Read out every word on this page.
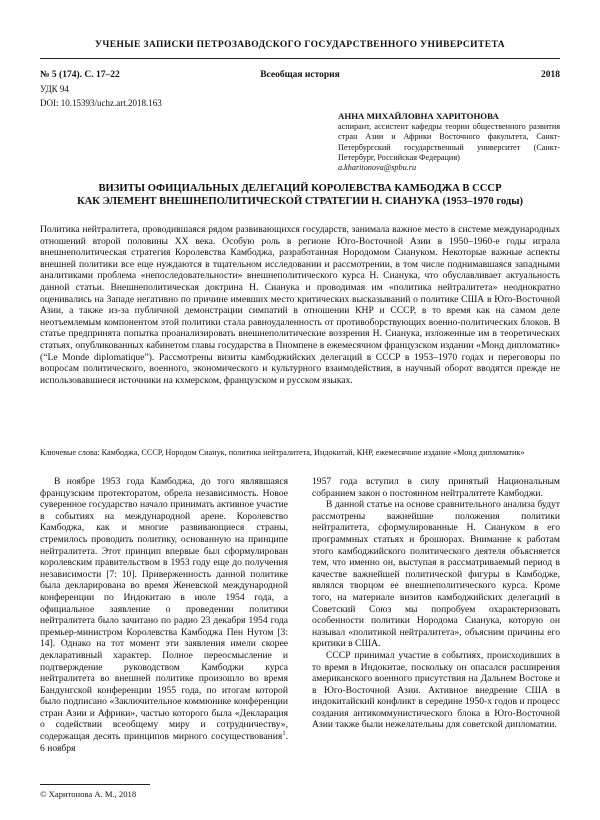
УЧЕНЫЕ ЗАПИСКИ ПЕТРОЗАВОДСКОГО ГОСУДАРСТВЕННОГО УНИВЕРСИТЕТА
№ 5 (174). С. 17–22	Всеобщая история	2018
УДК 94
DOI: 10.15393/uchz.art.2018.163
АННА МИХАЙЛОВНА ХАРИТОНОВА
аспирант, ассистент кафедры теории общественного развития стран Азии и Африки Восточного факультета, Санкт-Петербургский государственный университет (Санкт-Петербург, Российская Федерация)
a.kharitonova@spbu.ru
ВИЗИТЫ ОФИЦИАЛЬНЫХ ДЕЛЕГАЦИЙ КОРОЛЕВСТВА КАМБОДЖА В СССР
КАК ЭЛЕМЕНТ ВНЕШНЕПОЛИТИЧЕСКОЙ СТРАТЕГИИ Н. СИАНУКА (1953–1970 годы)
Политика нейтралитета, проводившаяся рядом развивающихся государств, занимала важное место в системе международных отношений второй половины XX века. Особую роль в регионе Юго-Восточной Азии в 1950–1960-е годы играла внешнеполитическая стратегия Королевства Камбоджа, разработанная Нородомом Сиануком. Некоторые важные аспекты внешней политики все еще нуждаются в тщательном исследовании и рассмотрении, в том числе поднимавшаяся западными аналитиками проблема «непоследовательности» внешнеполитического курса Н. Сианука, что обуславливает актуальность данной статьи. Внешнеполитическая доктрина Н. Сианука и проводимая им «политика нейтралитета» неоднократно оценивались на Западе негативно по причине имевших место критических высказываний о политике США в Юго-Восточной Азии, а также из-за публичной демонстрации симпатий в отношении КНР и СССР, в то время как на самом деле неотъемлемым компонентом этой политики стала равноудаленность от противоборствующих военно-политических блоков. В статье предпринята попытка проанализировать внешнеполитические воззрения Н. Сианука, изложенные им в теоретических статьях, опубликованных кабинетом главы государства в Пномпене в ежемесячном французском издании «Монд дипломатик» (“Le Monde diplomatique”). Рассмотрены визиты камбоджийских делегаций в СССР в 1953–1970 годах и переговоры по вопросам политического, военного, экономического и культурного взаимодействия, в научный оборот вводятся прежде не использовавшиеся источники на кхмерском, французском и русском языках.
Ключевые слова: Камбоджа, СССР, Нородом Сианук, политика нейтралитета, Индокитай, КНР, ежемесячное издание «Монд дипломатик»

В ноябре 1953 года Камбоджа, до того являвшаяся французским протекторатом, обрела независимость. Новое суверенное государство начало принимать активное участие в событиях на международной арене. Королевство Камбоджа, как и многие развивающиеся страны, стремилось проводить политику, основанную на принципе нейтралитета. Этот принцип впервые был сформулирован королевским правительством в 1953 году еще до получения независимости [7: 10]. Приверженность данной политике была декларирована во время Женевской международной конференции по Индокитаю в июле 1954 года, а официальное заявление о проведении политики нейтралитета было зачитано по радио 23 декабря 1954 года премьер-министром Королевства Камбоджа Пен Нутом [3: 14]. Однако на тот момент эти заявления имели скорее декларативный характер. Полное переосмысление и подтверждение руководством Камбоджи курса нейтралитета во внешней политике произошло во время Бандунгской конференции 1955 года, по итогам которой было подписано «Заключительное коммюнике конференции стран Азии и Африки», частью которого была «Декларация о содействии всеобщему миру и сотрудничеству», содержащая десять принципов мирного сосуществования$^1$. 6 ноября

1957 года вступил в силу принятый Национальным собранием закон о постоянном нейтралитете Камбоджи.

В данной статье на основе сравнительного анализа будут рассмотрены важнейшие положения политики нейтралитета, сформулированные Н. Сиануком в его программных статьях и брошюрах. Внимание к работам этого камбоджийского политического деятеля объясняется тем, что именно он, выступая в рассматриваемый период в качестве важнейшей политической фигуры в Камбодже, являлся творцом ее внешнеполитического курса. Кроме того, на материале визитов камбоджийских делегаций в Советский Союз мы попробуем охарактеризовать особенности политики Нородома Сианука, которую он называл «политикой нейтралитета», объясним причины его критики в США.

СССР принимал участие в событиях, происходивших в то время в Индокитае, поскольку он опасался расширения американского военного присутствия на Дальнем Востоке и в Юго-Восточной Азии. Активное внедрение США в индокитайский конфликт в середине 1950-х годов и процесс создания антикоммунистического блока в Юго-Восточной Азии также были нежелательны для советской дипломатии.

© Харитонова А. М., 2018
